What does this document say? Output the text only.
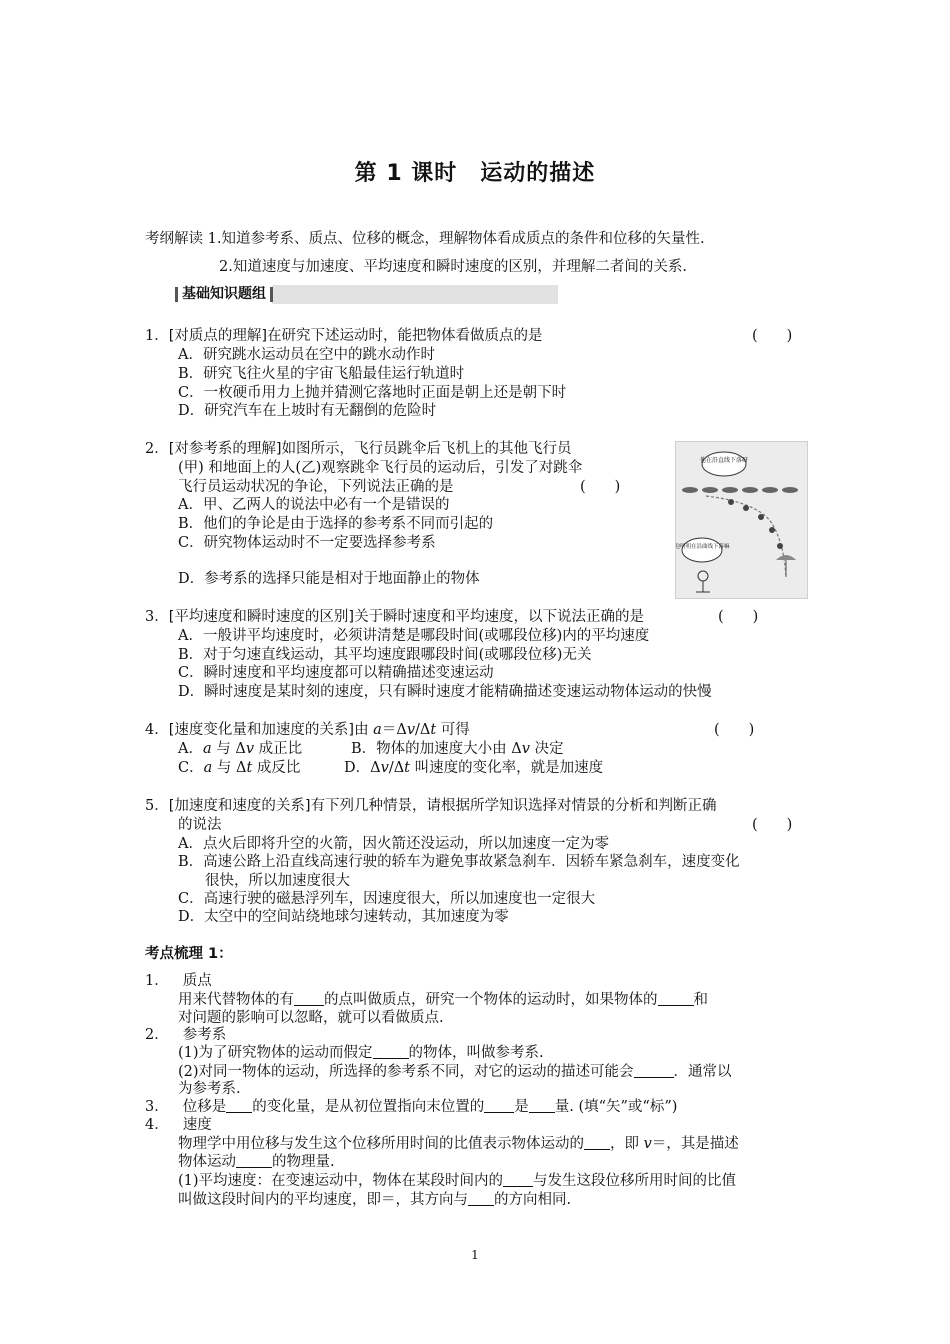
第 1 课时　运动的描述
考纲解读 1.知道参考系、质点、位移的概念，理解物体看成质点的条件和位移的矢量性.
2.知道速度与加速度、平均速度和瞬时速度的区别，并理解二者间的关系.
基础知识题组
1．[对质点的理解]在研究下述运动时，能把物体看做质点的是	(　　)
A．研究跳水运动员在空中的跳水动作时
B．研究飞往火星的宇宙飞船最佳运行轨道时
C．一枚硬币用力上抛并猜测它落地时正面是朝上还是朝下时
D．研究汽车在上坡时有无翻倒的危险时
2．[对参考系的理解]如图所示，飞行员跳伞后飞机上的其他飞行员
(甲) 和地面上的人(乙)观察跳伞飞行员的运动后，引发了对跳伞
飞行员运动状况的争论，下列说法正确的是	(　　)
A．甲、乙两人的说法中必有一个是错误的
B．他们的争论是由于选择的参考系不同而引起的
C．研究物体运动时不一定要选择参考系
D．参考系的选择只能是相对于地面静止的物体
他在沿直线下落呀
他明明在沿曲线下落嘛
3．[平均速度和瞬时速度的区别]关于瞬时速度和平均速度，以下说法正确的是	(　　)
A．一般讲平均速度时，必须讲清楚是哪段时间(或哪段位移)内的平均速度
B．对于匀速直线运动，其平均速度跟哪段时间(或哪段位移)无关
C．瞬时速度和平均速度都可以精确描述变速运动
D．瞬时速度是某时刻的速度，只有瞬时速度才能精确描述变速运动物体运动的快慢
4．[速度变化量和加速度的关系]由 a＝Δv/Δt 可得	(　　)
A．a 与 Δv 成正比	B．物体的加速度大小由 Δv 决定
C．a 与 Δt 成反比	D．Δv/Δt 叫速度的变化率，就是加速度
5．[加速度和速度的关系]有下列几种情景，请根据所学知识选择对情景的分析和判断正确
的说法	(　　)
A．点火后即将升空的火箭，因火箭还没运动，所以加速度一定为零
B．高速公路上沿直线高速行驶的轿车为避免事故紧急刹车．因轿车紧急刹车，速度变化
很快，所以加速度很大
C．高速行驶的磁悬浮列车，因速度很大，所以加速度也一定很大
D．太空中的空间站绕地球匀速转动，其加速度为零
考点梳理 1：
1． 质点
用来代替物体的有 的点叫做质点，研究一个物体的运动时，如果物体的 和
对问题的影响可以忽略，就可以看做质点.
2． 参考系
(1)为了研究物体的运动而假定 的物体，叫做参考系.
(2)对同一物体的运动，所选择的参考系不同，对它的运动的描述可能会	．通常以
为参考系.
3． 位移是 的变化量，是从初位置指向末位置的 是 量. (填“矢”或“标”)
4． 速度
物理学中用位移与发生这个位移所用时间的比值表示物体运动的 ，即 v＝，其是描述
物体运动 的物理量.
(1)平均速度：在变速运动中，物体在某段时间内的 与发生这段位移所用时间的比值
叫做这段时间内的平均速度，即＝，其方向与 的方向相同.
1
